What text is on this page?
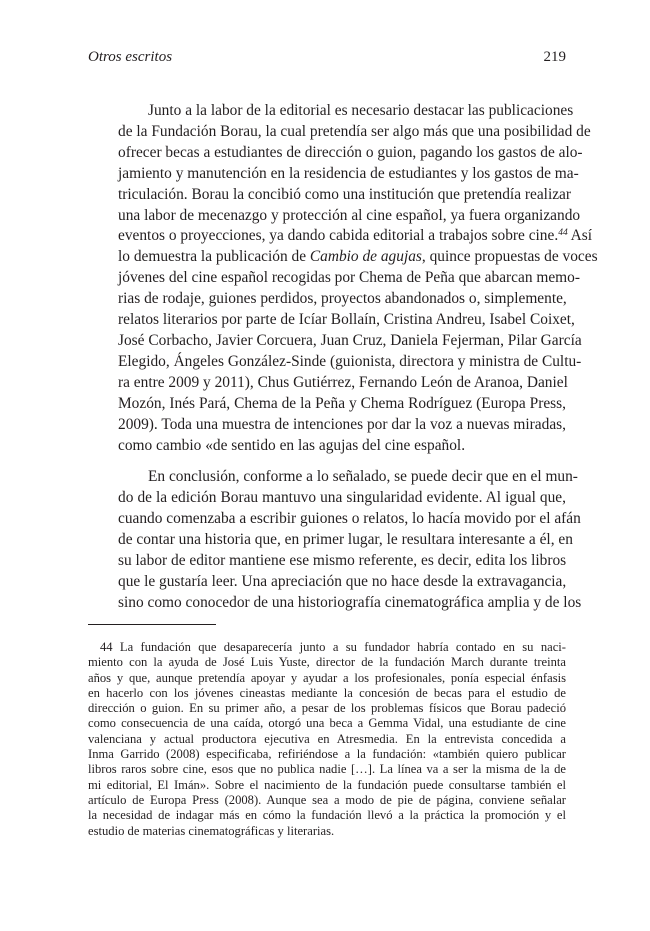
Otros escritos	219
Junto a la labor de la editorial es necesario destacar las publicaciones
de la Fundación Borau, la cual pretendía ser algo más que una posibilidad de
ofrecer becas a estudiantes de dirección o guion, pagando los gastos de alo-
jamiento y manutención en la residencia de estudiantes y los gastos de ma-
triculación. Borau la concibió como una institución que pretendía realizar
una labor de mecenazgo y protección al cine español, ya fuera organizando
eventos o proyecciones, ya dando cabida editorial a trabajos sobre cine.$^{44}$ Así
lo demuestra la publicación de Cambio de agujas, quince propuestas de voces
jóvenes del cine español recogidas por Chema de Peña que abarcan memo-
rias de rodaje, guiones perdidos, proyectos abandonados o, simplemente,
relatos literarios por parte de Icíar Bollaín, Cristina Andreu, Isabel Coixet,
José Corbacho, Javier Corcuera, Juan Cruz, Daniela Fejerman, Pilar García
Elegido, Ángeles González-Sinde (guionista, directora y ministra de Cultu-
ra entre 2009 y 2011), Chus Gutiérrez, Fernando León de Aranoa, Daniel
Mozón, Inés Pará, Chema de la Peña y Chema Rodríguez (Europa Press,
2009). Toda una muestra de intenciones por dar la voz a nuevas miradas,
como cambio «de sentido en las agujas del cine español.
En conclusión, conforme a lo señalado, se puede decir que en el mun-
do de la edición Borau mantuvo una singularidad evidente. Al igual que,
cuando comenzaba a escribir guiones o relatos, lo hacía movido por el afán
de contar una historia que, en primer lugar, le resultara interesante a él, en
su labor de editor mantiene ese mismo referente, es decir, edita los libros
que le gustaría leer. Una apreciación que no hace desde la extravagancia,
sino como conocedor de una historiografía cinematográfica amplia y de los
44 La fundación que desaparecería junto a su fundador habría contado en su naci-
miento con la ayuda de José Luis Yuste, director de la fundación March durante treinta
años y que, aunque pretendía apoyar y ayudar a los profesionales, ponía especial énfasis
en hacerlo con los jóvenes cineastas mediante la concesión de becas para el estudio de
dirección o guion. En su primer año, a pesar de los problemas físicos que Borau padeció
como consecuencia de una caída, otorgó una beca a Gemma Vidal, una estudiante de cine
valenciana y actual productora ejecutiva en Atresmedia. En la entrevista concedida a
Inma Garrido (2008) especificaba, refiriéndose a la fundación: «también quiero publicar
libros raros sobre cine, esos que no publica nadie […]. La línea va a ser la misma de la de
mi editorial, El Imán». Sobre el nacimiento de la fundación puede consultarse también el
artículo de Europa Press (2008). Aunque sea a modo de pie de página, conviene señalar
la necesidad de indagar más en cómo la fundación llevó a la práctica la promoción y el
estudio de materias cinematográficas y literarias.
